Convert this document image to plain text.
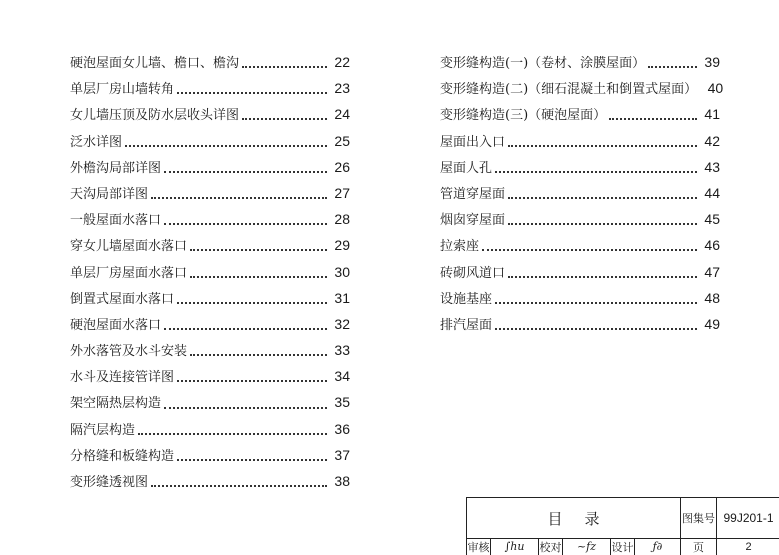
硬泡屋面女儿墙、檐口、檐沟	22
单层厂房山墙转角	23
女儿墙压顶及防水层收头详图	24
泛水详图	25
外檐沟局部详图	26
天沟局部详图	27
一般屋面水落口	28
穿女儿墙屋面水落口	29
单层厂房屋面水落口	30
倒置式屋面水落口	31
硬泡屋面水落口	32
外水落管及水斗安装	33
水斗及连接管详图	34
架空隔热层构造	35
隔汽层构造	36
分格缝和板缝构造	37
变形缝透视图	38
变形缝构造(一)（卷材、涂膜屋面）	39
变形缝构造(二)（细石混凝土和倒置式屋面） 40
变形缝构造(三)（硬泡屋面）	41
屋面出入口	42
屋面人孔	43
管道穿屋面	44
烟囱穿屋面	45
拉索座	46
砖砌风道口	47
设施基座	48
排汽屋面	49
目录	图集号 99J201-1
审核 ∫hu 校对 ~fz 设计 ƒ∂	页	2
